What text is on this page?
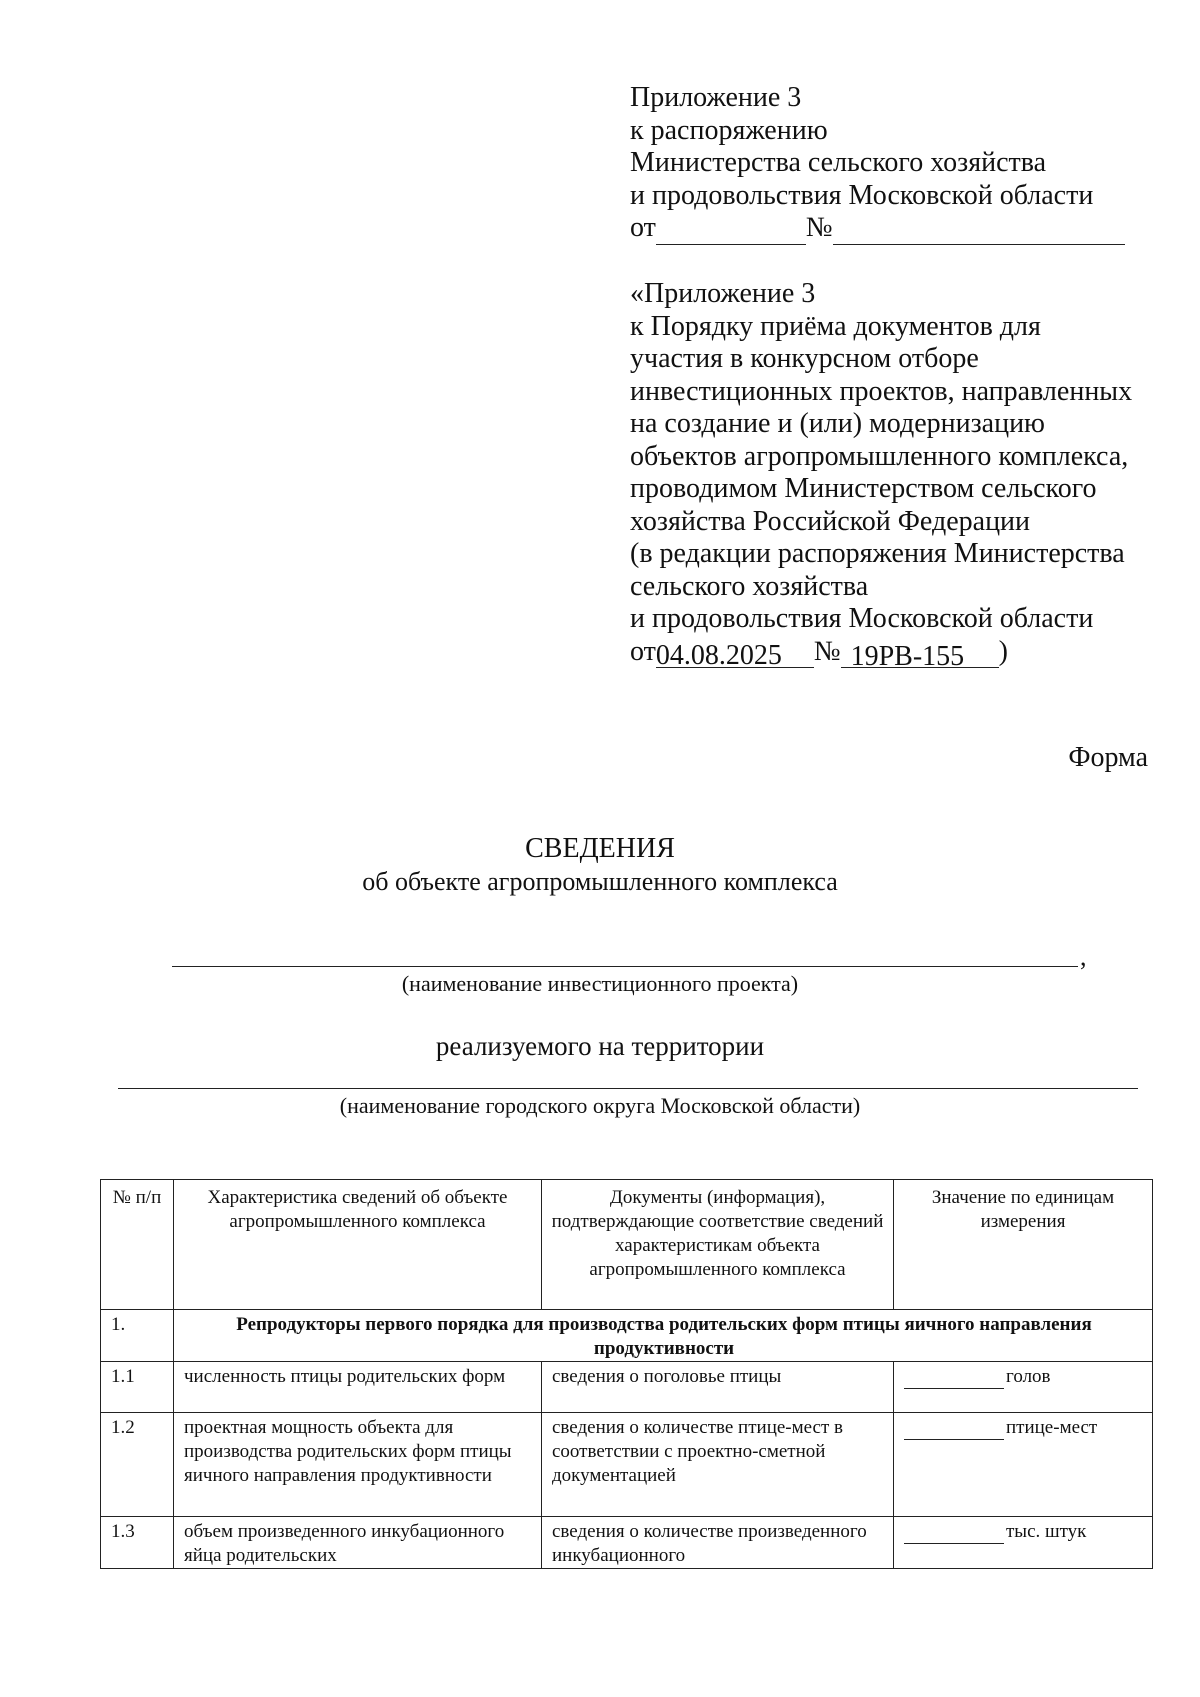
Приложение 3
к распоряжению
Министерства сельского хозяйства
и продовольствия Московской области
от	№
«Приложение 3
к Порядку приёма документов для
участия в конкурсном отборе
инвестиционных проектов, направленных
на создание и (или) модернизацию
объектов агропромышленного комплекса,
проводимом Министерством сельского
хозяйства Российской Федерации
(в редакции распоряжения Министерства
сельского хозяйства
и продовольствия Московской области
от04.08.2025 № 19РВ-155 )
Форма
СВЕДЕНИЯ
об объекте агропромышленного комплекса
,
(наименование инвестиционного проекта)
реализуемого на территории
(наименование городского округа Московской области)
№ п/п	Характеристика сведений об объекте агропромышленного комплекса	Документы (информация), подтверждающие соответствие сведений характеристикам объекта агропромышленного комплекса	Значение по единицам измерения
1.	Репродукторы первого порядка для производства родительских форм птицы яичного направления продуктивности		
1.1	численность птицы родительских форм	сведения о поголовье птицы	голов
1.2	проектная мощность объекта для производства родительских форм птицы яичного направления продуктивности	сведения о количестве птице-мест в соответствии с проектно-сметной документацией	птице-мест
1.3	объем произведенного инкубационного яйца родительских	сведения о количестве произведенного инкубационного	тыс. штук
